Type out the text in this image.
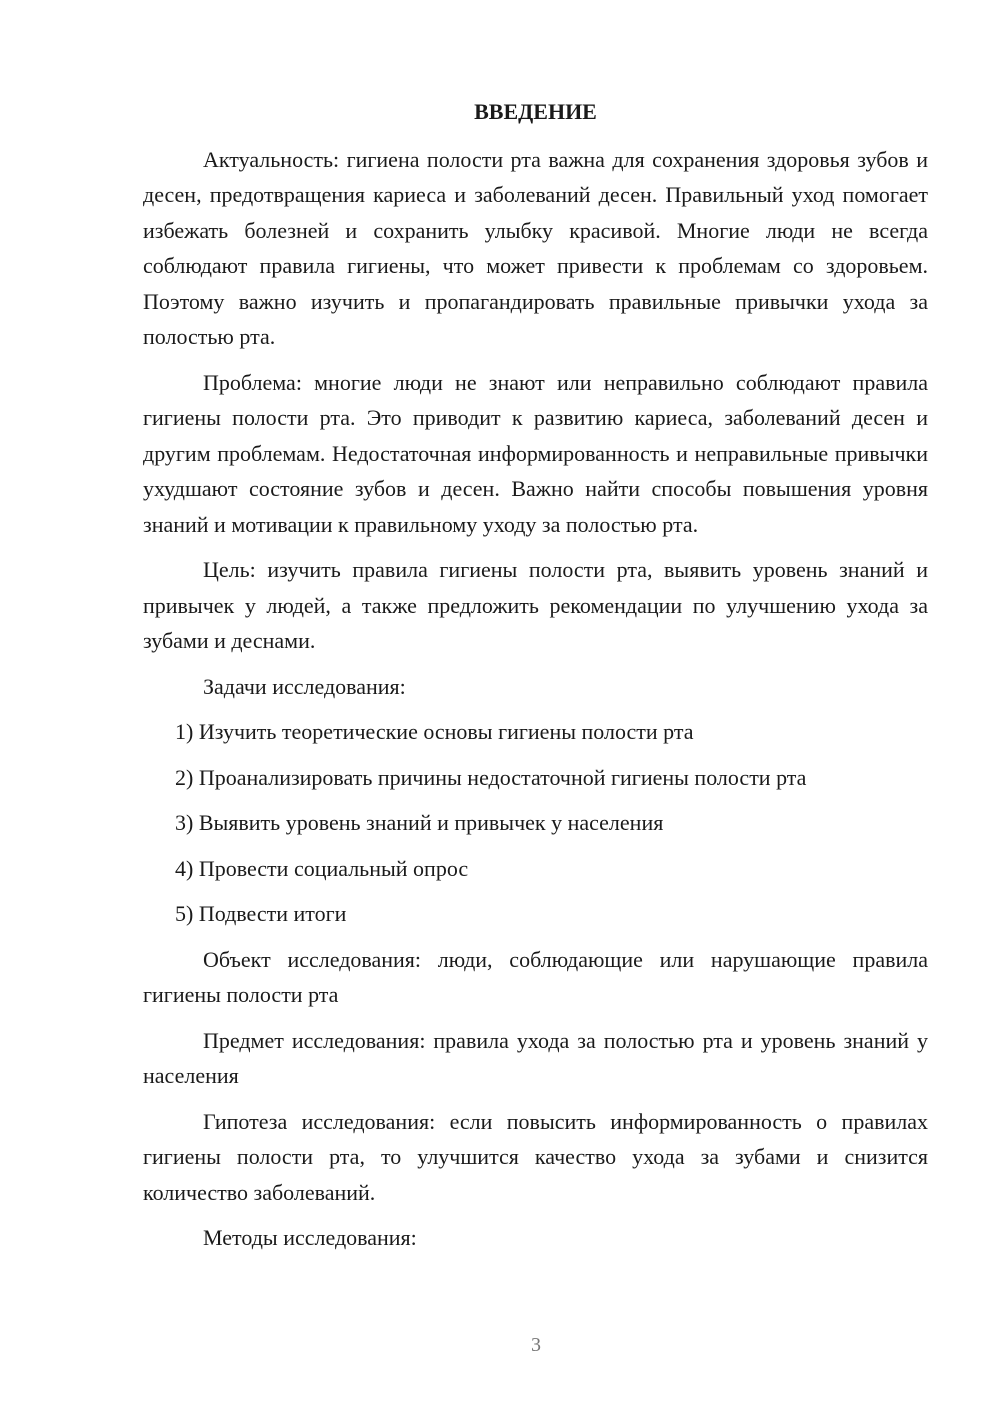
ВВЕДЕНИЕ
Актуальность: гигиена полости рта важна для сохранения здоровья зубов и десен, предотвращения кариеса и заболеваний десен. Правильный уход помогает избежать болезней и сохранить улыбку красивой. Многие люди не всегда соблюдают правила гигиены, что может привести к проблемам со здоровьем. Поэтому важно изучить и пропагандировать правильные привычки ухода за полостью рта.
Проблема: многие люди не знают или неправильно соблюдают правила гигиены полости рта. Это приводит к развитию кариеса, заболеваний десен и другим проблемам. Недостаточная информированность и неправильные привычки ухудшают состояние зубов и десен. Важно найти способы повышения уровня знаний и мотивации к правильному уходу за полостью рта.
Цель: изучить правила гигиены полости рта, выявить уровень знаний и привычек у людей, а также предложить рекомендации по улучшению ухода за зубами и деснами.
Задачи исследования:
1) Изучить теоретические основы гигиены полости рта
2) Проанализировать причины недостаточной гигиены полости рта
3) Выявить уровень знаний и привычек у населения
4) Провести социальный опрос
5) Подвести итоги
Объект исследования: люди, соблюдающие или нарушающие правила гигиены полости рта
Предмет исследования: правила ухода за полостью рта и уровень знаний у населения
Гипотеза исследования: если повысить информированность о правилах гигиены полости рта, то улучшится качество ухода за зубами и снизится количество заболеваний.
Методы исследования:
3
